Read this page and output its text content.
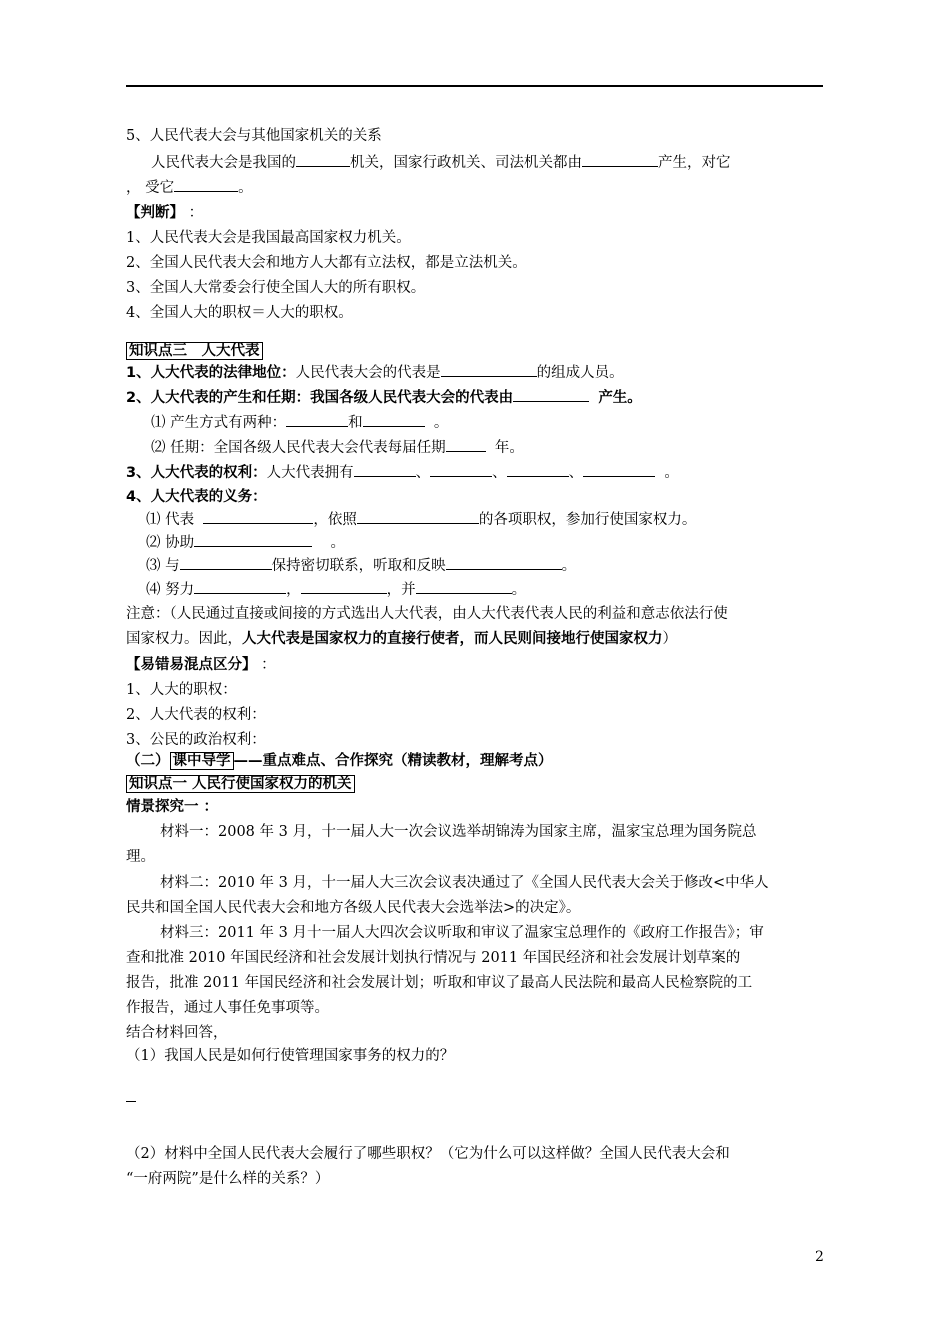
5、人民代表大会与其他国家机关的关系
人民代表大会是我国的	机关，国家行政机关、司法机关都由	产生，对它
， 受它	。
【判断】 ：
1、人民代表大会是我国最高国家权力机关。
2、全国人民代表大会和地方人大都有立法权，都是立法机关。
3、全国人大常委会行使全国人大的所有职权。
4、全国人大的职权＝人大的职权。
知识点三　人大代表
1、人大代表的法律地位：人民代表大会的代表是	的组成人员。
2、人大代表的产生和任期：我国各级人民代表大会的代表由	产生。
⑴ 产生方式有两种：	和	。
⑵ 任期：全国各级人民代表大会代表每届任期	年。
3、人大代表的权利：人大代表拥有	、	、	、	。
4、人大代表的义务：
⑴ 代表	，依照	的各项职权，参加行使国家权力。
⑵ 协助	。
⑶ 与	保持密切联系，听取和反映	。
⑷ 努力	，	，并	。
注意：（人民通过直接或间接的方式选出人大代表，由人大代表代表人民的利益和意志依法行使
国家权力。因此，人大代表是国家权力的直接行使者，而人民则间接地行使国家权力）
【易错易混点区分】 ：
1、人大的职权：
2、人大代表的权利：
3、公民的政治权利：
（二） 课中导学 ——重点难点、合作探究（精读教材，理解考点）
知识点一 人民行使国家权力的机关
情景探究一 ：
材料一：2008 年 3 月，十一届人大一次会议选举胡锦涛为国家主席，温家宝总理为国务院总
理。
材料二：2010 年 3 月，十一届人大三次会议表决通过了《全国人民代表大会关于修改<中华人
民共和国全国人民代表大会和地方各级人民代表大会选举法>的决定》。
材料三：2011 年 3 月十一届人大四次会议听取和审议了温家宝总理作的《政府工作报告》；审
查和批准 2010 年国民经济和社会发展计划执行情况与 2011 年国民经济和社会发展计划草案的
报告，批准 2011 年国民经济和社会发展计划；听取和审议了最高人民法院和最高人民检察院的工
作报告，通过人事任免事项等。
结合材料回答，
（1）我国人民是如何行使管理国家事务的权力的？
（2）材料中全国人民代表大会履行了哪些职权？（它为什么可以这样做？全国人民代表大会和
“一府两院”是什么样的关系？）
2
